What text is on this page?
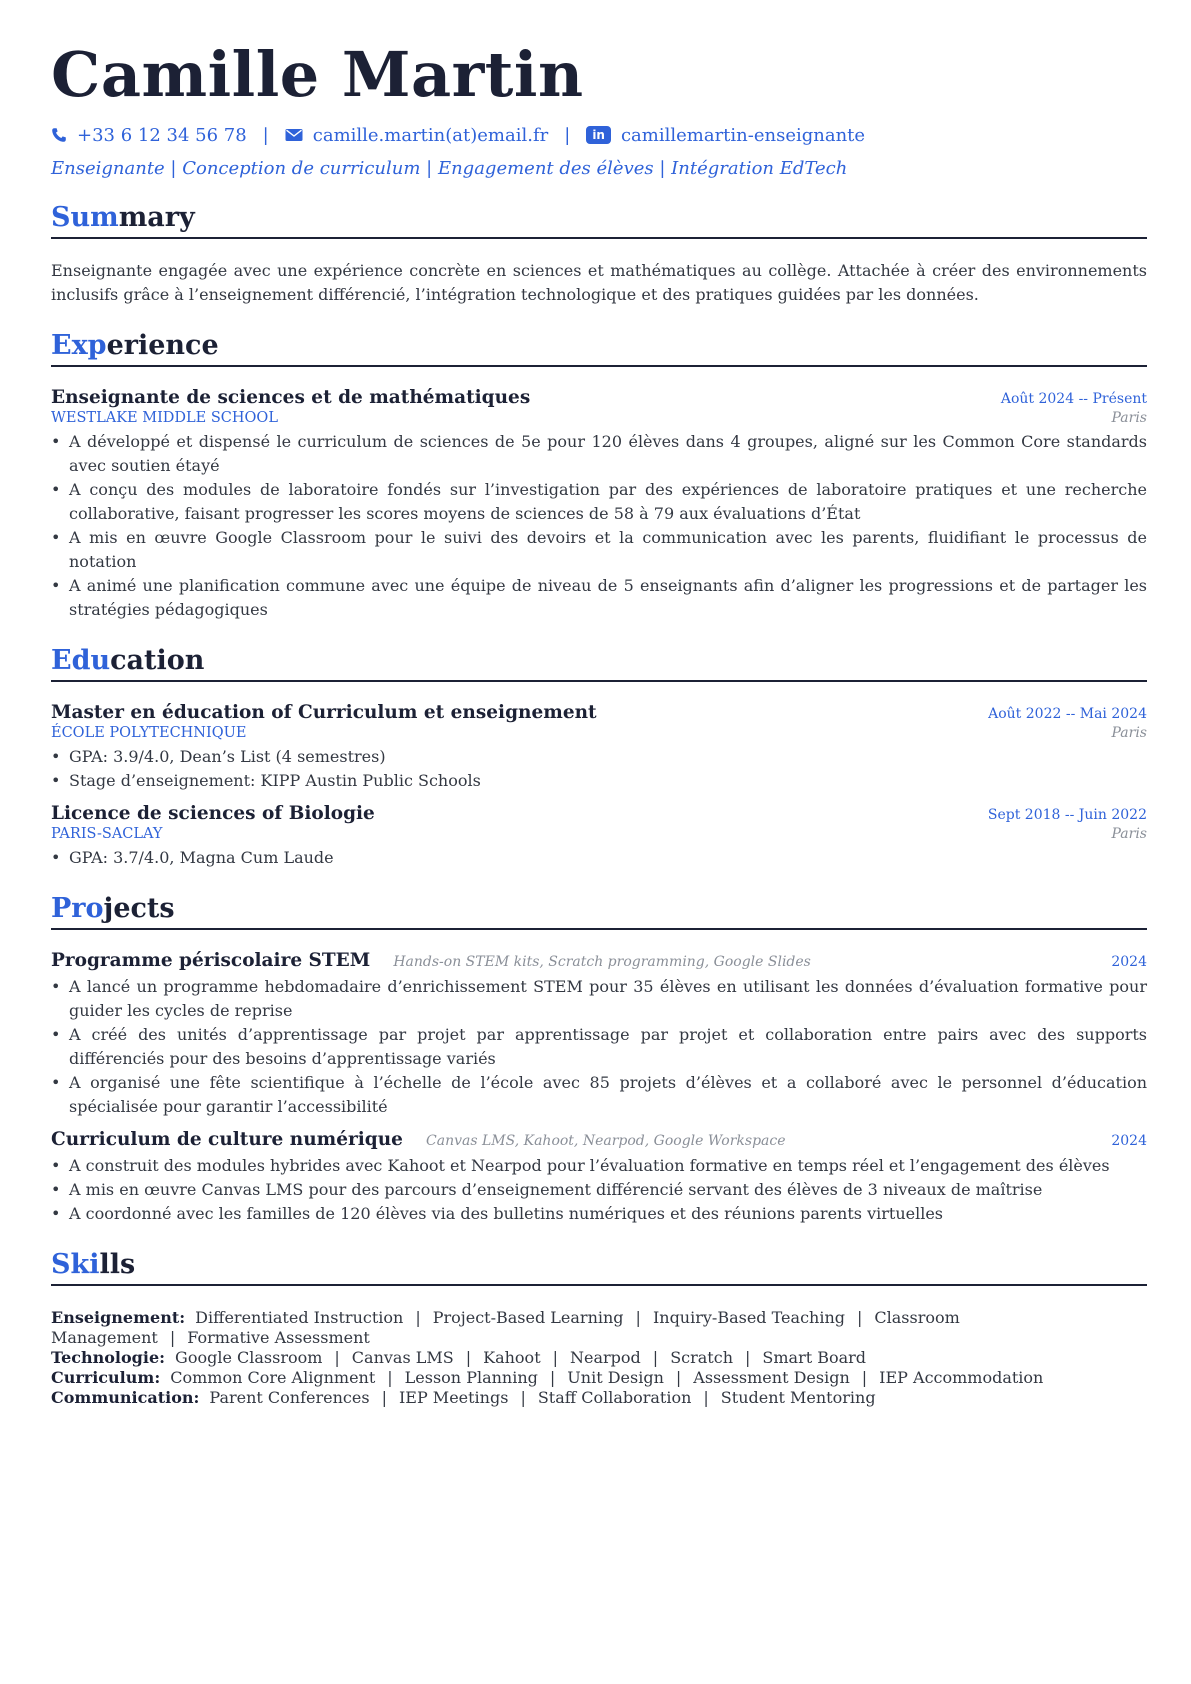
Camille Martin
+33 6 12 34 56 78 | camille.martin(at)email.fr |	in camillemartin-enseignante
Enseignante | Conception de curriculum | Engagement des élèves | Intégration EdTech
Summary
Enseignante engagée avec une expérience concrète en sciences et mathématiques au collège. Attachée à créer des environnements inclusifs grâce à l’enseignement différencié, l’intégration technologique et des pratiques guidées par les données.
Experience
Enseignante de sciences et de mathématiques	Août 2024 -- Présent
WESTLAKE MIDDLE SCHOOL	Paris
• A développé et dispensé le curriculum de sciences de 5e pour 120 élèves dans 4 groupes, aligné sur les Common Core standards avec soutien étayé
• A conçu des modules de laboratoire fondés sur l’investigation par des expériences de laboratoire pratiques et une recherche collaborative, faisant progresser les scores moyens de sciences de 58 à 79 aux évaluations d’État
• A mis en œuvre Google Classroom pour le suivi des devoirs et la communication avec les parents, fluidifiant le processus de notation
• A animé une planification commune avec une équipe de niveau de 5 enseignants afin d’aligner les progressions et de partager les stratégies pédagogiques
Education
Master en éducation of Curriculum et enseignement	Août 2022 -- Mai 2024
ÉCOLE POLYTECHNIQUE	Paris
• GPA: 3.9/4.0, Dean’s List (4 semestres)
• Stage d’enseignement: KIPP Austin Public Schools
Licence de sciences of Biologie	Sept 2018 -- Juin 2022
PARIS-SACLAY	Paris
• GPA: 3.7/4.0, Magna Cum Laude
Projects
Programme périscolaire STEM Hands-on STEM kits, Scratch programming, Google Slides	2024
• A lancé un programme hebdomadaire d’enrichissement STEM pour 35 élèves en utilisant les données d’évaluation formative pour guider les cycles de reprise
• A créé des unités d’apprentissage par projet par apprentissage par projet et collaboration entre pairs avec des supports différenciés pour des besoins d’apprentissage variés
• A organisé une fête scientifique à l’échelle de l’école avec 85 projets d’élèves et a collaboré avec le personnel d’éducation spécialisée pour garantir l’accessibilité
Curriculum de culture numérique Canvas LMS, Kahoot, Nearpod, Google Workspace	2024
• A construit des modules hybrides avec Kahoot et Nearpod pour l’évaluation formative en temps réel et l’engagement des élèves
• A mis en œuvre Canvas LMS pour des parcours d’enseignement différencié servant des élèves de 3 niveaux de maîtrise
• A coordonné avec les familles de 120 élèves via des bulletins numériques et des réunions parents virtuelles
Skills
Enseignement: Differentiated Instruction | Project-Based Learning | Inquiry-Based Teaching | Classroom Management | Formative Assessment
Technologie: Google Classroom | Canvas LMS | Kahoot | Nearpod | Scratch | Smart Board
Curriculum: Common Core Alignment | Lesson Planning | Unit Design | Assessment Design | IEP Accommodation
Communication: Parent Conferences | IEP Meetings | Staff Collaboration | Student Mentoring
